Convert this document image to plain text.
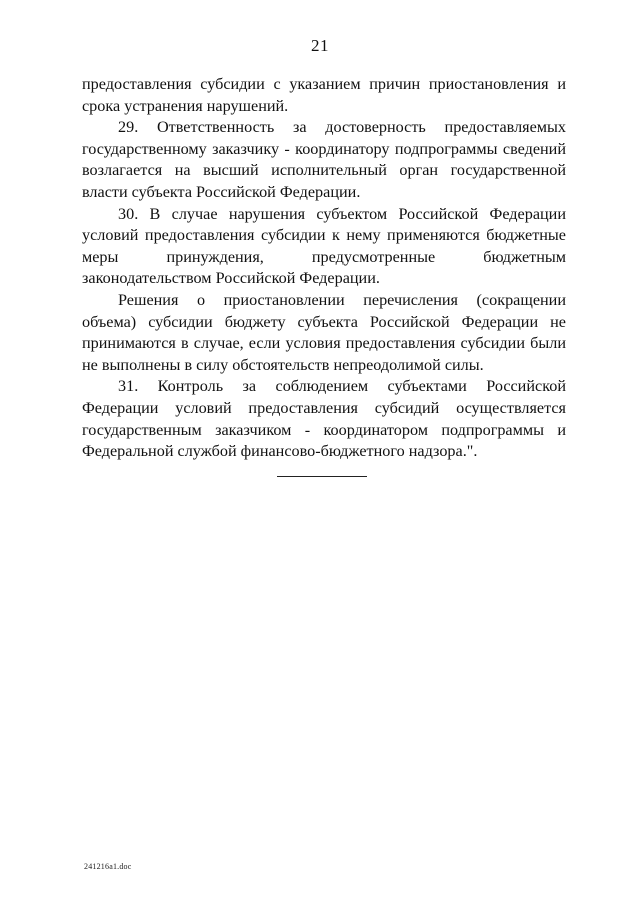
21

предоставления субсидии с указанием причин приостановления и срока устранения нарушений.

29. Ответственность за достоверность предоставляемых государственному заказчику - координатору подпрограммы сведений возлагается на высший исполнительный орган государственной власти субъекта Российской Федерации.

30. В случае нарушения субъектом Российской Федерации условий предоставления субсидии к нему применяются бюджетные меры принуждения, предусмотренные бюджетным законодательством Российской Федерации.

Решения о приостановлении перечисления (сокращении объема) субсидии бюджету субъекта Российской Федерации не принимаются в случае, если условия предоставления субсидии были не выполнены в силу обстоятельств непреодолимой силы.

31. Контроль за соблюдением субъектами Российской Федерации условий предоставления субсидий осуществляется государственным заказчиком - координатором подпрограммы и Федеральной службой финансово-бюджетного надзора.".

241216a1.doc
